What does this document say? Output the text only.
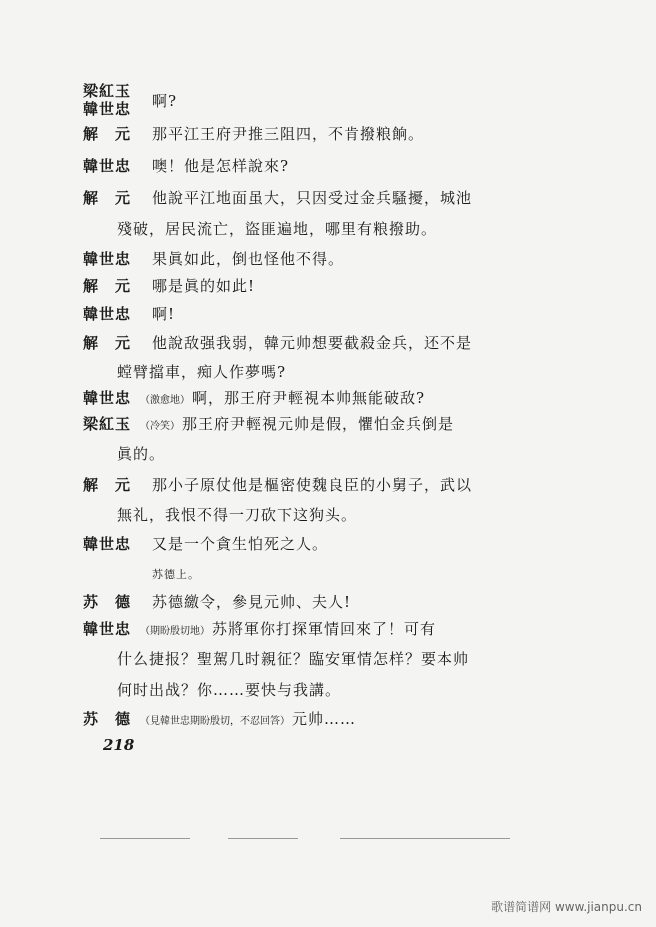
梁紅玉
韓世忠 啊?
解　元 那平江王府尹推三阻四，不肯撥粮餉。
韓世忠 噢！他是怎样說來?
解　元 他說平江地面虽大，只因受过金兵騷擾，城池
殘破，居民流亡，盜匪遍地，哪里有粮撥助。
韓世忠 果眞如此，倒也怪他不得。
解　元 哪是眞的如此!
韓世忠 啊!
解　元 他說敌强我弱，韓元帅想要截殺金兵，还不是
螳臂擋車，痴人作夢嗎?
韓世忠 （激愈地） 啊，那王府尹輕視本帅無能破敌?
梁紅玉 （冷笑） 那王府尹輕視元帅是假，懼怕金兵倒是
眞的。
解　元 那小子原仗他是樞密使魏良臣的小舅子，武以
無礼，我恨不得一刀砍下这狗头。
韓世忠 又是一个貪生怕死之人。
苏德上。
苏　德 苏德繳令，參見元帅、夫人!
韓世忠 （期盼殷切地） 苏將軍你打探軍情回來了！可有
什么捷报？聖駕几时親征？臨安軍情怎样？要本帅
何时出战？你……要快与我講。
苏　德 （見韓世忠期盼殷切，不忍回答） 元帅……
218
歌谱简谱网 www.jianpu.cn
